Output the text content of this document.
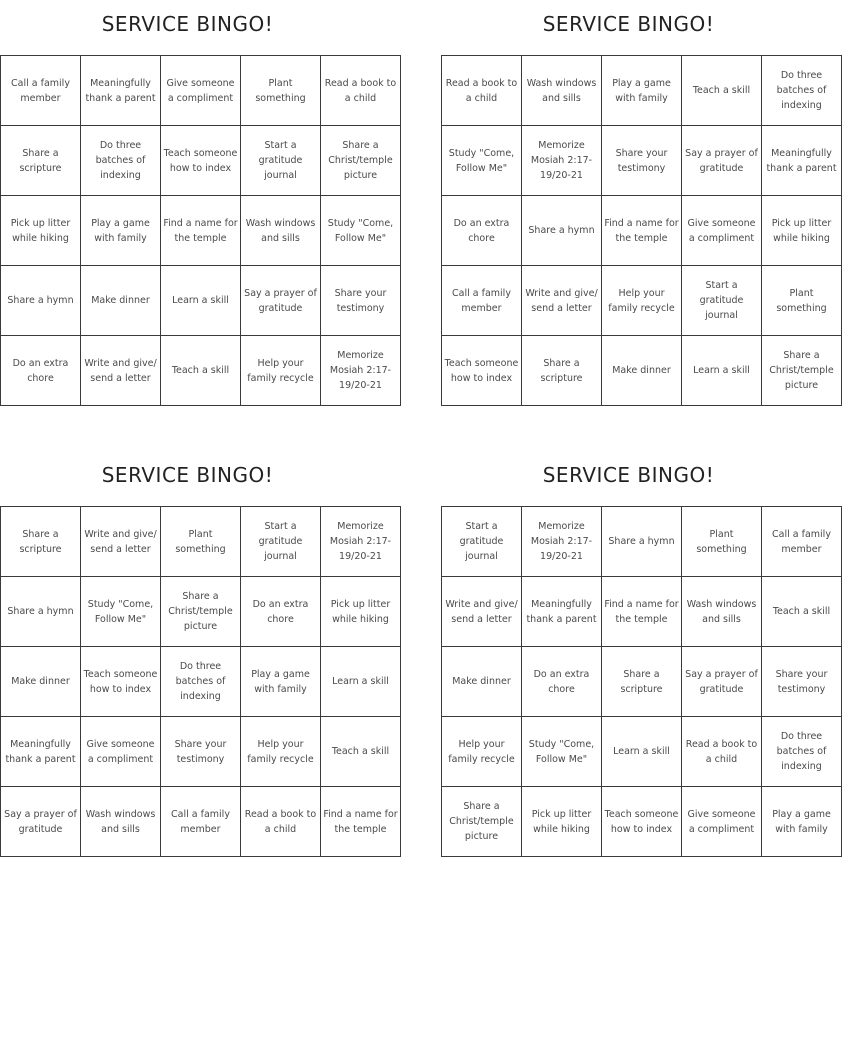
SERVICE BINGO!
Call a family member	Meaningfully thank a parent	Give someone a compliment	Plant something	Read a book to a child
Share a scripture	Do three batches of indexing	Teach someone how to index	Start a gratitude journal	Share a Christ/temple picture
Pick up litter while hiking	Play a game with family	Find a name for the temple	Wash windows and sills	Study "Come, Follow Me"
Share a hymn	Make dinner	Learn a skill	Say a prayer of gratitude	Share your testimony
Do an extra chore	Write and give/ send a letter	Teach a skill	Help your family recycle	Memorize Mosiah 2:17-19/20-21
SERVICE BINGO!
Read a book to a child	Wash windows and sills	Play a game with family	Teach a skill	Do three batches of indexing
Study "Come, Follow Me"	Memorize Mosiah 2:17-19/20-21	Share your testimony	Say a prayer of gratitude	Meaningfully thank a parent
Do an extra chore	Share a hymn	Find a name for the temple	Give someone a compliment	Pick up litter while hiking
Call a family member	Write and give/ send a letter	Help your family recycle	Start a gratitude journal	Plant something
Teach someone how to index	Share a scripture	Make dinner	Learn a skill	Share a Christ/temple picture
SERVICE BINGO!
Share a scripture	Write and give/ send a letter	Plant something	Start a gratitude journal	Memorize Mosiah 2:17-19/20-21
Share a hymn	Study "Come, Follow Me"	Share a Christ/temple picture	Do an extra chore	Pick up litter while hiking
Make dinner	Teach someone how to index	Do three batches of indexing	Play a game with family	Learn a skill
Meaningfully thank a parent	Give someone a compliment	Share your testimony	Help your family recycle	Teach a skill
Say a prayer of gratitude	Wash windows and sills	Call a family member	Read a book to a child	Find a name for the temple
SERVICE BINGO!
Start a gratitude journal	Memorize Mosiah 2:17-19/20-21	Share a hymn	Plant something	Call a family member
Write and give/ send a letter	Meaningfully thank a parent	Find a name for the temple	Wash windows and sills	Teach a skill
Make dinner	Do an extra chore	Share a scripture	Say a prayer of gratitude	Share your testimony
Help your family recycle	Study "Come, Follow Me"	Learn a skill	Read a book to a child	Do three batches of indexing
Share a Christ/temple picture	Pick up litter while hiking	Teach someone how to index	Give someone a compliment	Play a game with family
